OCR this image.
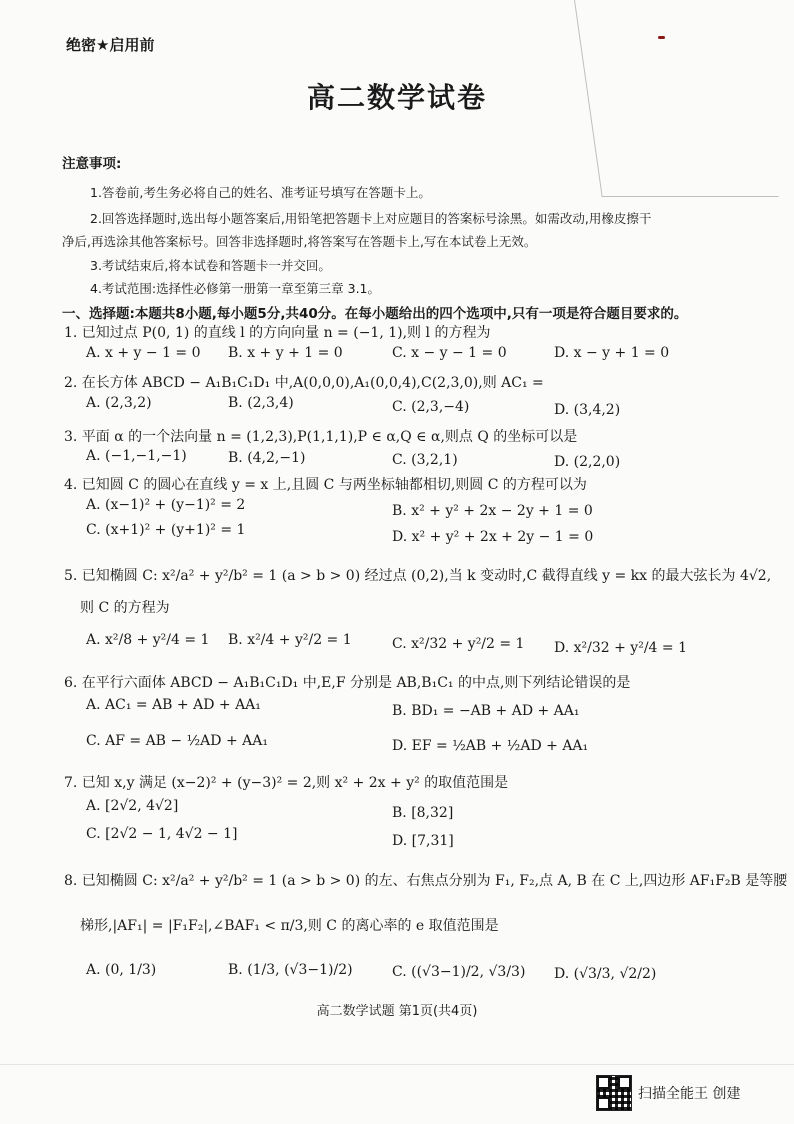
绝密★启用前
高二数学试卷
注意事项:
1.答卷前,考生务必将自己的姓名、准考证号填写在答题卡上。
2.回答选择题时,选出每小题答案后,用铅笔把答题卡上对应题目的答案标号涂黑。如需改动,用橡皮擦干
净后,再选涂其他答案标号。回答非选择题时,将答案写在答题卡上,写在本试卷上无效。
3.考试结束后,将本试卷和答题卡一并交回。
4.考试范围:选择性必修第一册第一章至第三章 3.1。
一、选择题:本题共8小题,每小题5分,共40分。在每小题给出的四个选项中,只有一项是符合题目要求的。
1. 已知过点 P(0, 1) 的直线 l 的方向向量 n = (−1, 1),则 l 的方程为
A. x + y − 1 = 0 B. x + y + 1 = 0	C. x − y − 1 = 0	D. x − y + 1 = 0
2. 在长方体 ABCD − A₁B₁C₁D₁ 中,A(0,0,0),A₁(0,0,4),C(2,3,0),则 AC₁ =
A. (2,3,2)	B. (2,3,4)	C. (2,3,−4)	D. (3,4,2)
3. 平面 α 的一个法向量 n = (1,2,3),P(1,1,1),P ∈ α,Q ∈ α,则点 Q 的坐标可以是
A. (−1,−1,−1)	B. (4,2,−1)	C. (3,2,1)	D. (2,2,0)
4. 已知圆 C 的圆心在直线 y = x 上,且圆 C 与两坐标轴都相切,则圆 C 的方程可以为
A. (x−1)² + (y−1)² = 2	B. x² + y² + 2x − 2y + 1 = 0
C. (x+1)² + (y+1)² = 1	D. x² + y² + 2x + 2y − 1 = 0
5. 已知椭圆 C: x²/a² + y²/b² = 1 (a > b > 0) 经过点 (0,2),当 k 变动时,C 截得直线 y = kx 的最大弦长为 4√2,
则 C 的方程为
A. x²/8 + y²/4 = 1 B. x²/4 + y²/2 = 1	C. x²/32 + y²/2 = 1 D. x²/32 + y²/4 = 1
6. 在平行六面体 ABCD − A₁B₁C₁D₁ 中,E,F 分别是 AB,B₁C₁ 的中点,则下列结论错误的是
A. AC₁ = AB + AD + AA₁	B. BD₁ = −AB + AD + AA₁
C. AF = AB − ½AD + AA₁	D. EF = ½AB + ½AD + AA₁
7. 已知 x,y 满足 (x−2)² + (y−3)² = 2,则 x² + 2x + y² 的取值范围是
A. [2√2, 4√2]	B. [8,32]
C. [2√2 − 1, 4√2 − 1]	D. [7,31]
8. 已知椭圆 C: x²/a² + y²/b² = 1 (a > b > 0) 的左、右焦点分别为 F₁, F₂,点 A, B 在 C 上,四边形 AF₁F₂B 是等腰
梯形,|AF₁| = |F₁F₂|,∠BAF₁ < π/3,则 C 的离心率的 e 取值范围是
A. (0, 1/3)	B. (1/3, (√3−1)/2)	C. ((√3−1)/2, √3/3) D. (√3/3, √2/2)
高二数学试题 第1页(共4页)
扫描全能王 创建
